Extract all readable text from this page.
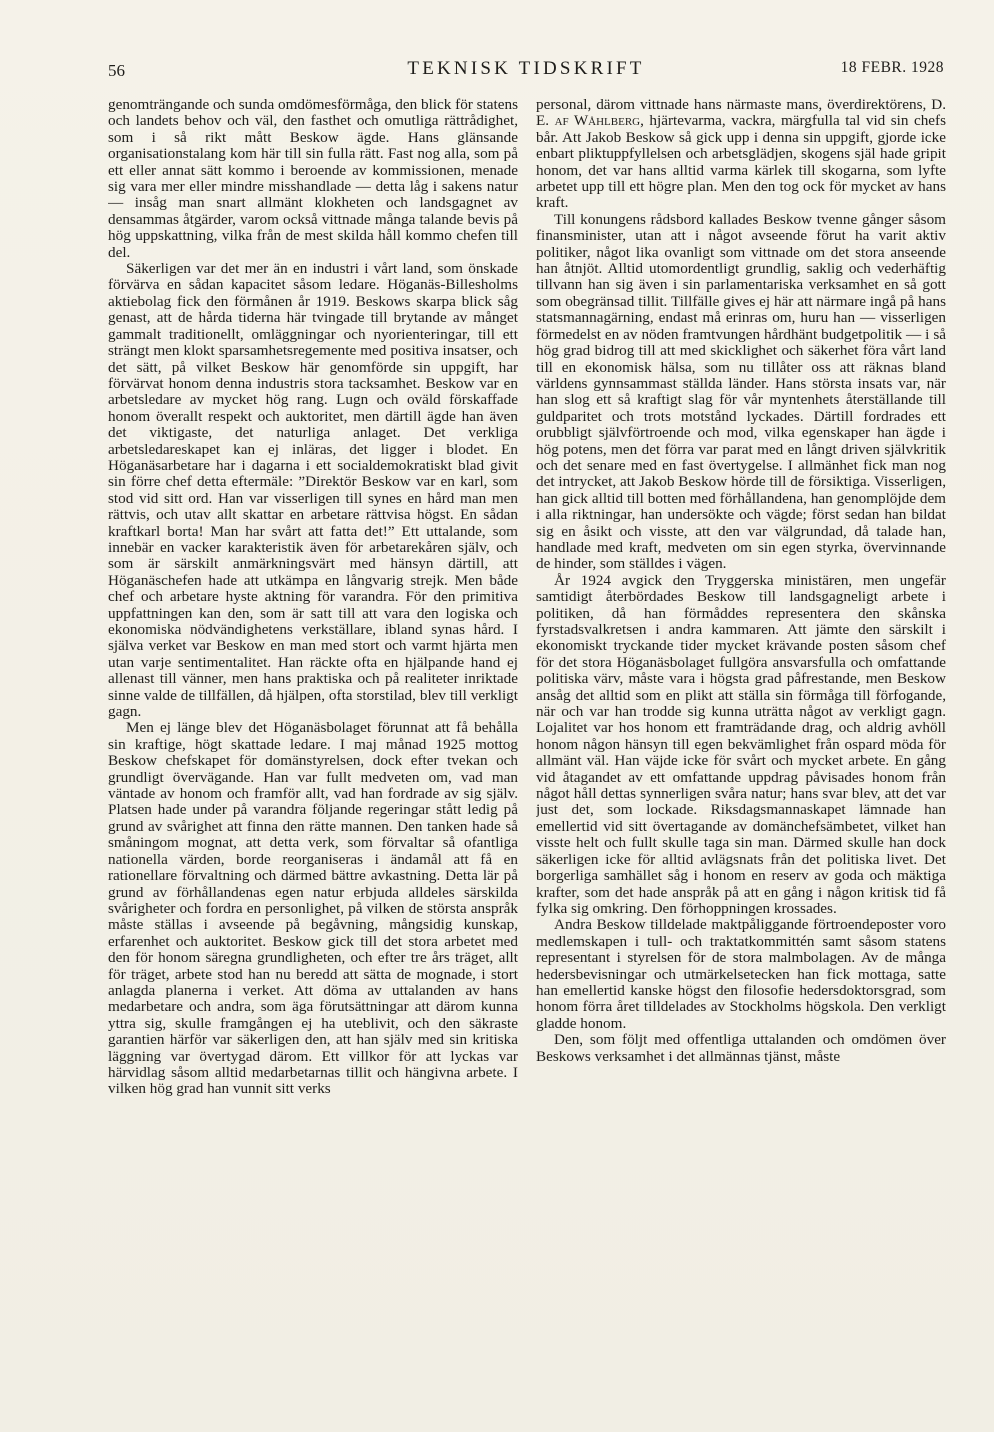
56	TEKNISK TIDSKRIFT	18 FEBR. 1928

genomträngande och sunda omdömesförmåga, den blick för statens och landets behov och väl, den fasthet och omutliga rättrådighet, som i så rikt mått Beskow ägde. Hans glänsande organisationstalang kom här till sin fulla rätt. Fast nog alla, som på ett eller annat sätt kommo i beroende av kommissionen, menade sig vara mer eller mindre misshandlade — detta låg i sakens natur — insåg man snart allmänt klokheten och landsgagnet av densammas åtgärder, varom också vittnade många talande bevis på hög uppskattning, vilka från de mest skilda håll kommo chefen till del.

Säkerligen var det mer än en industri i vårt land, som önskade förvärva en sådan kapacitet såsom ledare. Höganäs-Billesholms aktiebolag fick den förmånen år 1919. Beskows skarpa blick såg genast, att de hårda tiderna här tvingade till brytande av månget gammalt traditionellt, omläggningar och nyorienteringar, till ett strängt men klokt sparsamhetsregemente med positiva insatser, och det sätt, på vilket Beskow här genomförde sin uppgift, har förvärvat honom denna industris stora tacksamhet. Beskow var en arbetsledare av mycket hög rang. Lugn och oväld förskaffade honom överallt respekt och auktoritet, men därtill ägde han även det viktigaste, det naturliga anlaget. Det verkliga arbetsledareskapet kan ej inläras, det ligger i blodet. En Höganäsarbetare har i dagarna i ett socialdemokratiskt blad givit sin förre chef detta eftermäle: ”Direktör Beskow var en karl, som stod vid sitt ord. Han var visserligen till synes en hård man men rättvis, och utav allt skattar en arbetare rättvisa högst. En sådan kraftkarl borta! Man har svårt att fatta det!” Ett uttalande, som innebär en vacker karakteristik även för arbetarekåren själv, och som är särskilt anmärkningsvärt med hänsyn därtill, att Höganäschefen hade att utkämpa en långvarig strejk. Men både chef och arbetare hyste aktning för varandra. För den primitiva uppfattningen kan den, som är satt till att vara den logiska och ekonomiska nödvändighetens verkställare, ibland synas hård. I själva verket var Beskow en man med stort och varmt hjärta men utan varje sentimentalitet. Han räckte ofta en hjälpande hand ej allenast till vänner, men hans praktiska och på realiteter inriktade sinne valde de tillfällen, då hjälpen, ofta storstilad, blev till verkligt gagn.

Men ej länge blev det Höganäsbolaget förunnat att få behålla sin kraftige, högt skattade ledare. I maj månad 1925 mottog Beskow chefskapet för domänstyrelsen, dock efter tvekan och grundligt övervägande. Han var fullt medveten om, vad man väntade av honom och framför allt, vad han fordrade av sig själv. Platsen hade under på varandra följande regeringar stått ledig på grund av svårighet att finna den rätte mannen. Den tanken hade så småningom mognat, att detta verk, som förvaltar så ofantliga nationella värden, borde reorganiseras i ändamål att få en rationellare förvaltning och därmed bättre avkastning. Detta lär på grund av förhållandenas egen natur erbjuda alldeles särskilda svårigheter och fordra en personlighet, på vilken de största anspråk måste ställas i avseende på begåvning, mångsidig kunskap, erfarenhet och auktoritet. Beskow gick till det stora arbetet med den för honom säregna grundligheten, och efter tre års träget, allt för träget, arbete stod han nu beredd att sätta de mognade, i stort anlagda planerna i verket. Att döma av uttalanden av hans medarbetare och andra, som äga förutsättningar att därom kunna yttra sig, skulle framgången ej ha uteblivit, och den säkraste garantien härför var säkerligen den, att han själv med sin kritiska läggning var övertygad därom. Ett villkor för att lyckas var härvidlag såsom alltid medarbetarnas tillit och hängivna arbete. I vilken hög grad han vunnit sitt verks

personal, därom vittnade hans närmaste mans, överdirektörens, D. E. af Wåhlberg, hjärtevarma, vackra, märgfulla tal vid sin chefs bår. Att Jakob Beskow så gick upp i denna sin uppgift, gjorde icke enbart pliktuppfyllelsen och arbetsglädjen, skogens själ hade gripit honom, det var hans alltid varma kärlek till skogarna, som lyfte arbetet upp till ett högre plan. Men den tog ock för mycket av hans kraft.

Till konungens rådsbord kallades Beskow tvenne gånger såsom finansminister, utan att i något avseende förut ha varit aktiv politiker, något lika ovanligt som vittnade om det stora anseende han åtnjöt. Alltid utomordentligt grundlig, saklig och vederhäftig tillvann han sig även i sin parlamentariska verksamhet en så gott som obegränsad tillit. Tillfälle gives ej här att närmare ingå på hans statsmannagärning, endast må erinras om, huru han — visserligen förmedelst en av nöden framtvungen hårdhänt budgetpolitik — i så hög grad bidrog till att med skicklighet och säkerhet föra vårt land till en ekonomisk hälsa, som nu tillåter oss att räknas bland världens gynnsammast ställda länder. Hans största insats var, när han slog ett så kraftigt slag för vår myntenhets återställande till guldparitet och trots motstånd lyckades. Därtill fordrades ett orubbligt självförtroende och mod, vilka egenskaper han ägde i hög potens, men det förra var parat med en långt driven självkritik och det senare med en fast övertygelse. I allmänhet fick man nog det intrycket, att Jakob Beskow hörde till de försiktiga. Visserligen, han gick alltid till botten med förhållandena, han genomplöjde dem i alla riktningar, han undersökte och vägde; först sedan han bildat sig en åsikt och visste, att den var välgrundad, då talade han, handlade med kraft, medveten om sin egen styrka, övervinnande de hinder, som ställdes i vägen.

År 1924 avgick den Tryggerska ministären, men ungefär samtidigt återbördades Beskow till landsgagneligt arbete i politiken, då han förmåddes representera den skånska fyrstadsvalkretsen i andra kammaren. Att jämte den särskilt i ekonomiskt tryckande tider mycket krävande posten såsom chef för det stora Höganäsbolaget fullgöra ansvarsfulla och omfattande politiska värv, måste vara i högsta grad påfrestande, men Beskow ansåg det alltid som en plikt att ställa sin förmåga till förfogande, när och var han trodde sig kunna uträtta något av verkligt gagn. Lojalitet var hos honom ett framträdande drag, och aldrig avhöll honom någon hänsyn till egen bekvämlighet från ospard möda för allmänt väl. Han väjde icke för svårt och mycket arbete. En gång vid åtagandet av ett omfattande uppdrag påvisades honom från något håll dettas synnerligen svåra natur; hans svar blev, att det var just det, som lockade. Riksdagsmannaskapet lämnade han emellertid vid sitt övertagande av domänchefsämbetet, vilket han visste helt och fullt skulle taga sin man. Därmed skulle han dock säkerligen icke för alltid avlägsnats från det politiska livet. Det borgerliga samhället såg i honom en reserv av goda och mäktiga krafter, som det hade anspråk på att en gång i någon kritisk tid få fylka sig omkring. Den förhoppningen krossades.

Andra Beskow tilldelade maktpåliggande förtroendeposter voro medlemskapen i tull- och traktatkommittén samt såsom statens representant i styrelsen för de stora malmbolagen. Av de många hedersbevisningar och utmärkelsetecken han fick mottaga, satte han emellertid kanske högst den filosofie hedersdoktorsgrad, som honom förra året tilldelades av Stockholms högskola. Den verkligt gladde honom.

Den, som följt med offentliga uttalanden och omdömen över Beskows verksamhet i det allmännas tjänst, måste
